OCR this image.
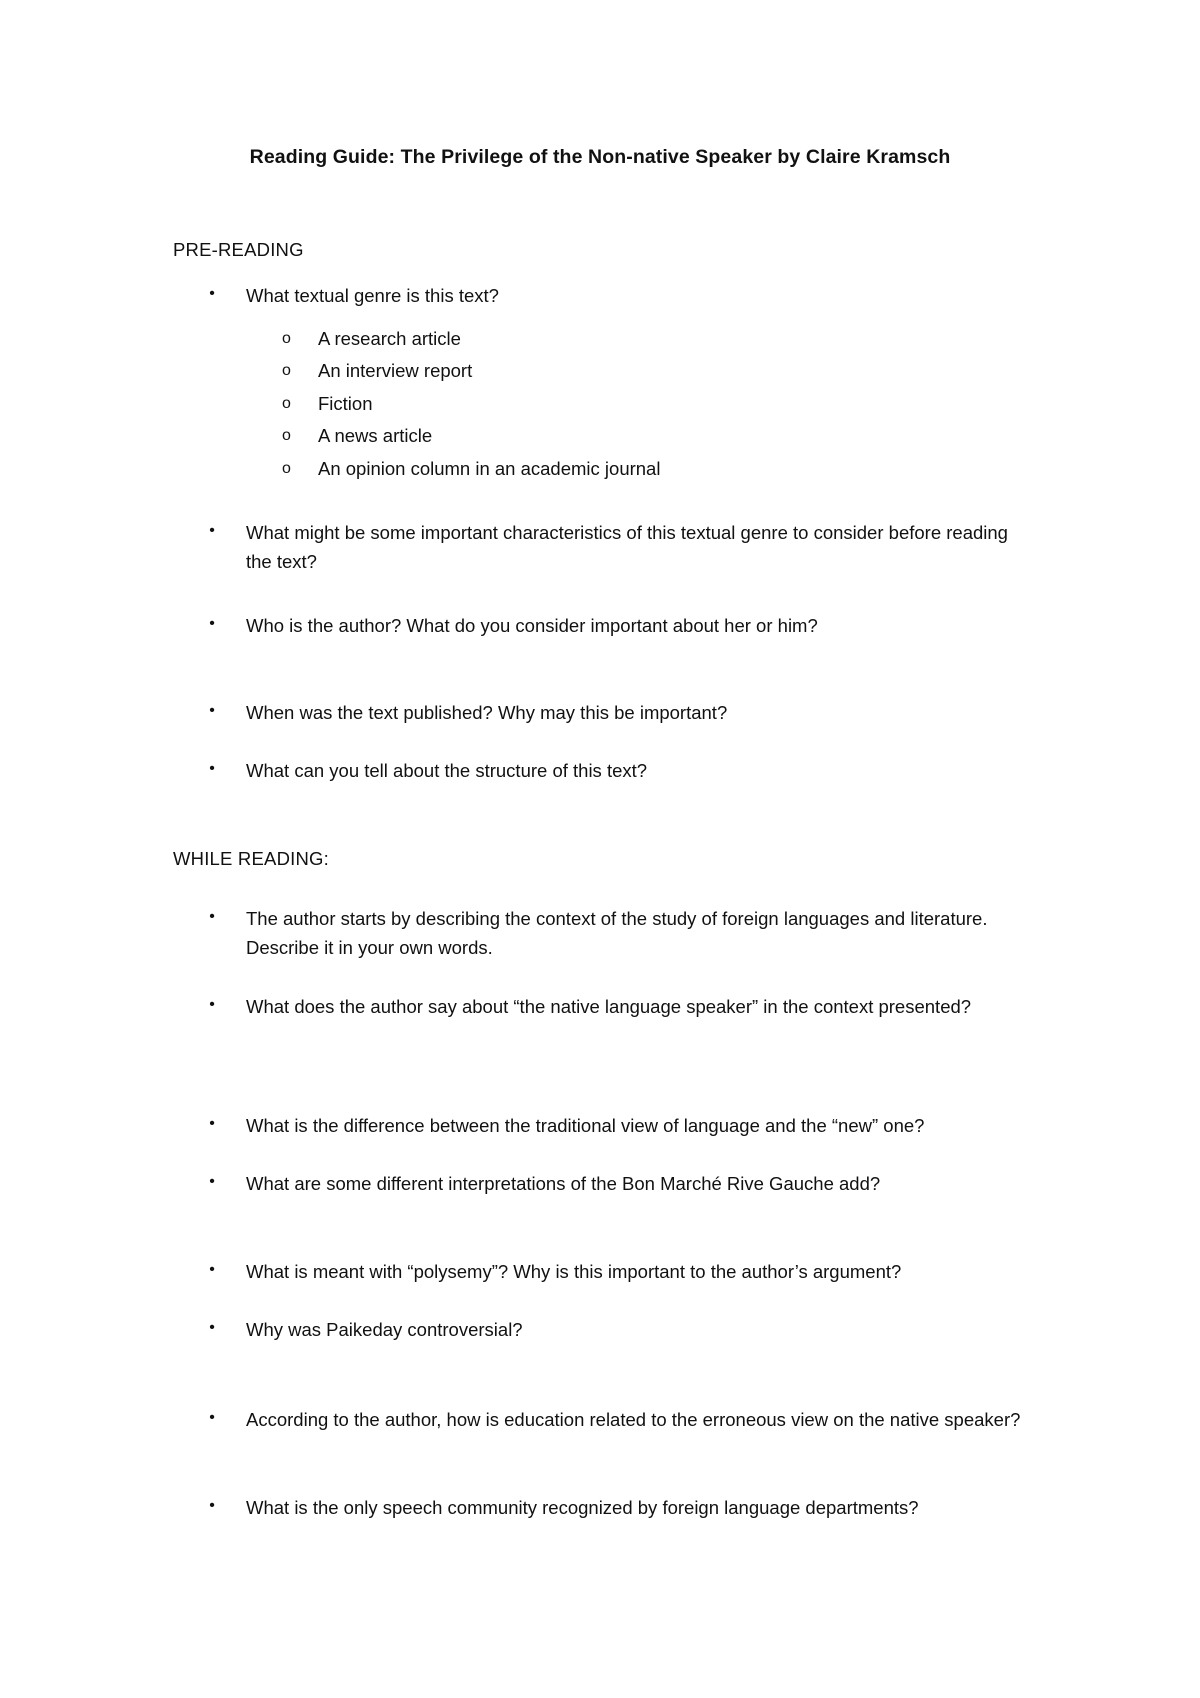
Reading Guide: The Privilege of the Non-native Speaker by Claire Kramsch
PRE-READING
• What textual genre is this text?
o A research article
o An interview report
o Fiction
o A news article
o An opinion column in an academic journal
• What might be some important characteristics of this textual genre to consider before reading the text?
• Who is the author? What do you consider important about her or him?
• When was the text published? Why may this be important?
• What can you tell about the structure of this text?
WHILE READING:
• The author starts by describing the context of the study of foreign languages and literature. Describe it in your own words.
• What does the author say about “the native language speaker” in the context presented?
• What is the difference between the traditional view of language and the “new” one?
• What are some different interpretations of the Bon Marché Rive Gauche add?
• What is meant with “polysemy”? Why is this important to the author’s argument?
• Why was Paikeday controversial?
• According to the author, how is education related to the erroneous view on the native speaker?
• What is the only speech community recognized by foreign language departments?
